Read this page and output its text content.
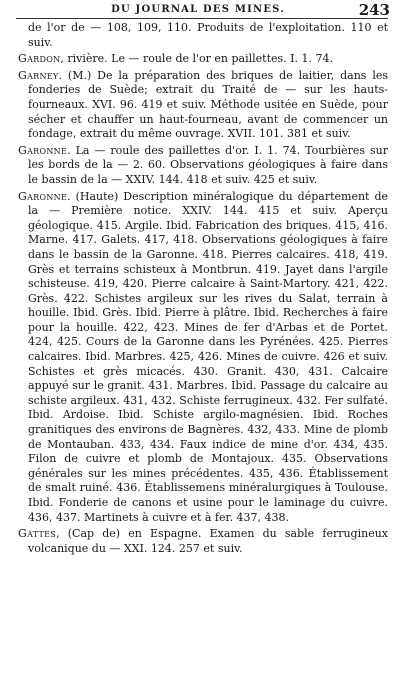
DU JOURNAL DES MINES.	243

de l'or de — 108, 109, 110. Produits de l'exploitation. 110 et suiv.

Gardon, rivière. Le — roule de l'or en paillettes. I. 1. 74.

Garney. (M.) De la préparation des briques de laitier, dans les fonderies de Suède; extrait du Traité de — sur les hauts-fourneaux. XVI. 96. 419 et suiv. Méthode usitée en Suède, pour sécher et chauffer un haut-fourneau, avant de commencer un fondage, extrait du même ouvrage. XVII. 101. 381 et suiv.

Garonne. La — roule des paillettes d'or. I. 1. 74. Tourbières sur les bords de la — 2. 60. Observations géologiques à faire dans le bassin de la — XXIV. 144. 418 et suiv. 425 et suiv.

Garonne. (Haute) Description minéralogique du département de la — Première notice. XXIV. 144. 415 et suiv. Aperçu géologique. 415. Argile. Ibid. Fabrication des briques. 415, 416. Marne. 417. Galets. 417, 418. Observations géologiques à faire dans le bassin de la Garonne. 418. Pierres calcaires. 418, 419. Grès et terrains schisteux à Montbrun. 419. Jayet dans l'argile schisteuse. 419, 420. Pierre calcaire à Saint-Martory. 421, 422. Grès. 422. Schistes argileux sur les rives du Salat, terrain à houille. Ibid. Grès. Ibid. Pierre à plâtre. Ibid. Recherches à faire pour la houille. 422, 423. Mines de fer d'Arbas et de Portet. 424, 425. Cours de la Garonne dans les Pyrénées. 425. Pierres calcaires. Ibid. Marbres. 425, 426. Mines de cuivre. 426 et suiv. Schistes et grès micacés. 430. Granit. 430, 431. Calcaire appuyé sur le granit. 431. Marbres. Ibid. Passage du calcaire au schiste argileux. 431, 432. Schiste ferrugineux. 432. Fer sulfaté. Ibid. Ardoise. Ibid. Schiste argilo-magnésien. Ibid. Roches granitiques des environs de Bagnères. 432, 433. Mine de plomb de Montauban. 433, 434. Faux indice de mine d'or. 434, 435. Filon de cuivre et plomb de Montajoux. 435. Observations générales sur les mines précédentes. 435, 436. Établissement de smalt ruiné. 436. Établissemens minéralurgiques à Toulouse. Ibid. Fonderie de canons et usine pour le laminage du cuivre. 436, 437. Martinets à cuivre et à fer. 437, 438.

Gattes, (Cap de) en Espagne. Examen du sable ferrugineux volcanique du — XXI. 124. 257 et suiv.
